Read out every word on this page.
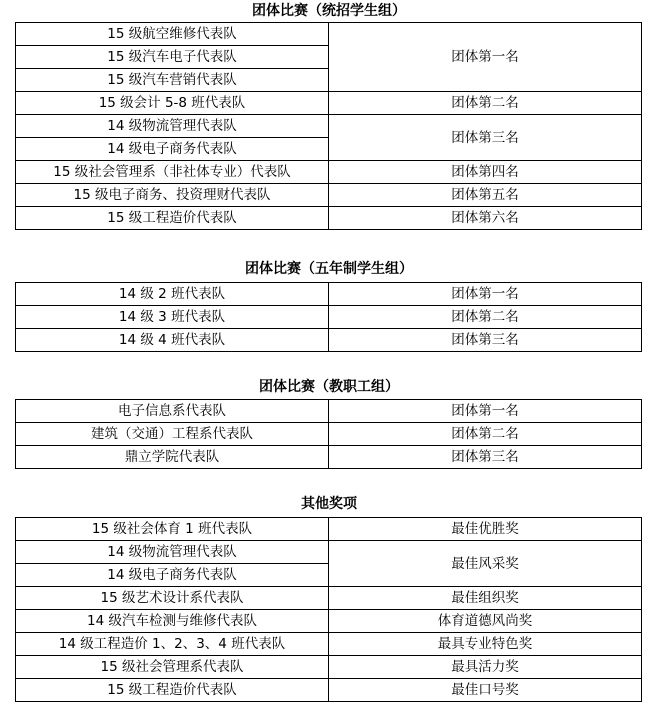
团体比赛（统招学生组）
15 级航空维修代表队	团体第一名
15 级汽车电子代表队	
15 级汽车营销代表队	
15 级会计 5-8 班代表队	团体第二名
14 级物流管理代表队	团体第三名
14 级电子商务代表队	
15 级社会管理系（非社体专业）代表队	团体第四名
15 级电子商务、投资理财代表队	团体第五名
15 级工程造价代表队	团体第六名
团体比赛（五年制学生组）
14 级 2 班代表队	团体第一名
14 级 3 班代表队	团体第二名
14 级 4 班代表队	团体第三名
团体比赛（教职工组）
电子信息系代表队	团体第一名
建筑（交通）工程系代表队	团体第二名
鼎立学院代表队	团体第三名
其他奖项
15 级社会体育 1 班代表队	最佳优胜奖
14 级物流管理代表队	最佳风采奖
14 级电子商务代表队	
15 级艺术设计系代表队	最佳组织奖
14 级汽车检测与维修代表队	体育道德风尚奖
14 级工程造价 1、2、3、4 班代表队	最具专业特色奖
15 级社会管理系代表队	最具活力奖
15 级工程造价代表队	最佳口号奖
